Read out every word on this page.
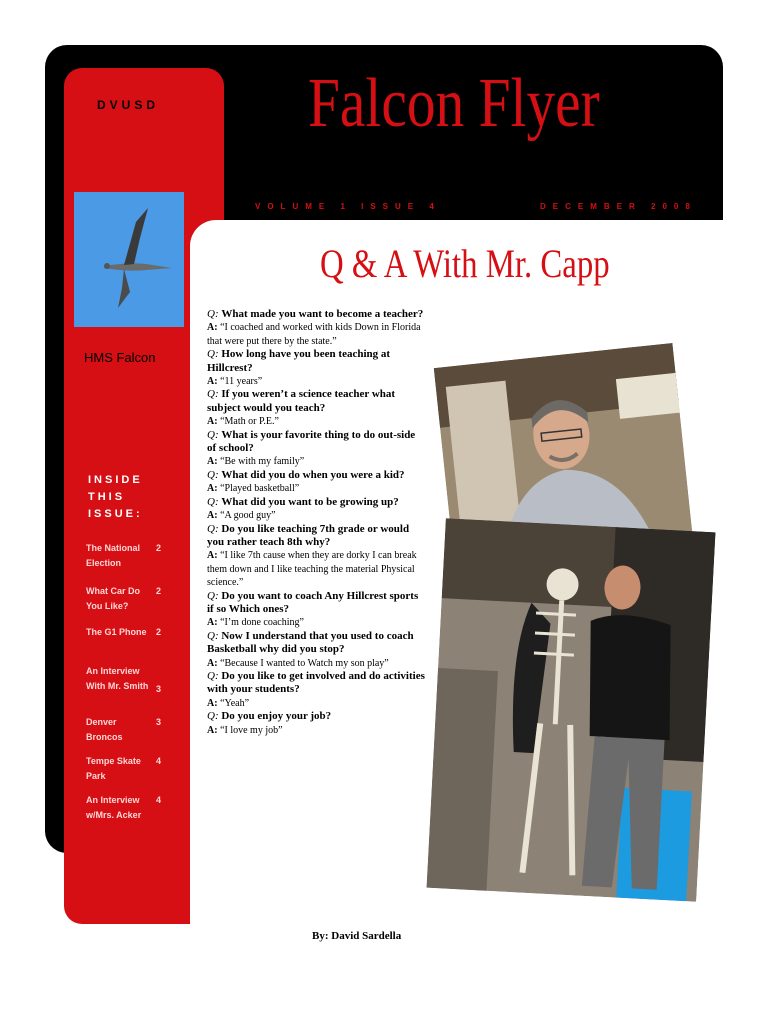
DVUSD Falcon Flyer
VOLUME 1 ISSUE 4	DECEMBER 2008
HMS Falcon
INSIDE THIS ISSUE:
The National Election
2
What Car Do You Like?
2
The G1 Phone 2
An Interview With Mr. Smith 3
Denver Broncos
3
Tempe Skate Park
4
An Interview w/Mrs. Acker
4
Q & A With Mr. Capp
Q: What made you want to become a teacher?
A: “I coached and worked with kids Down in Florida that were put there by the state.”
Q: How long have you been teaching at Hillcrest?
A: “11 years”
Q: If you weren’t a science teacher what subject would you teach?
A: “Math or P.E.”
Q: What is your favorite thing to do out-side of school?
A: “Be with my family”
Q: What did you do when you were a kid?
A: “Played basketball”
Q: What did you want to be growing up?
A: “A good guy”
Q: Do you like teaching 7th grade or would you rather teach 8th why?
A: “I like 7th cause when they are dorky I can break them down and I like teaching the material Physical science.”
Q: Do you want to coach Any Hillcrest sports if so Which ones?
A: “I’m done coaching”
Q: Now I understand that you used to coach Basketball why did you stop?
A: “Because I wanted to Watch my son play”
Q: Do you like to get involved and do activities with your students?
A: “Yeah”
Q: Do you enjoy your job?
A: “I love my job”
By: David Sardella
